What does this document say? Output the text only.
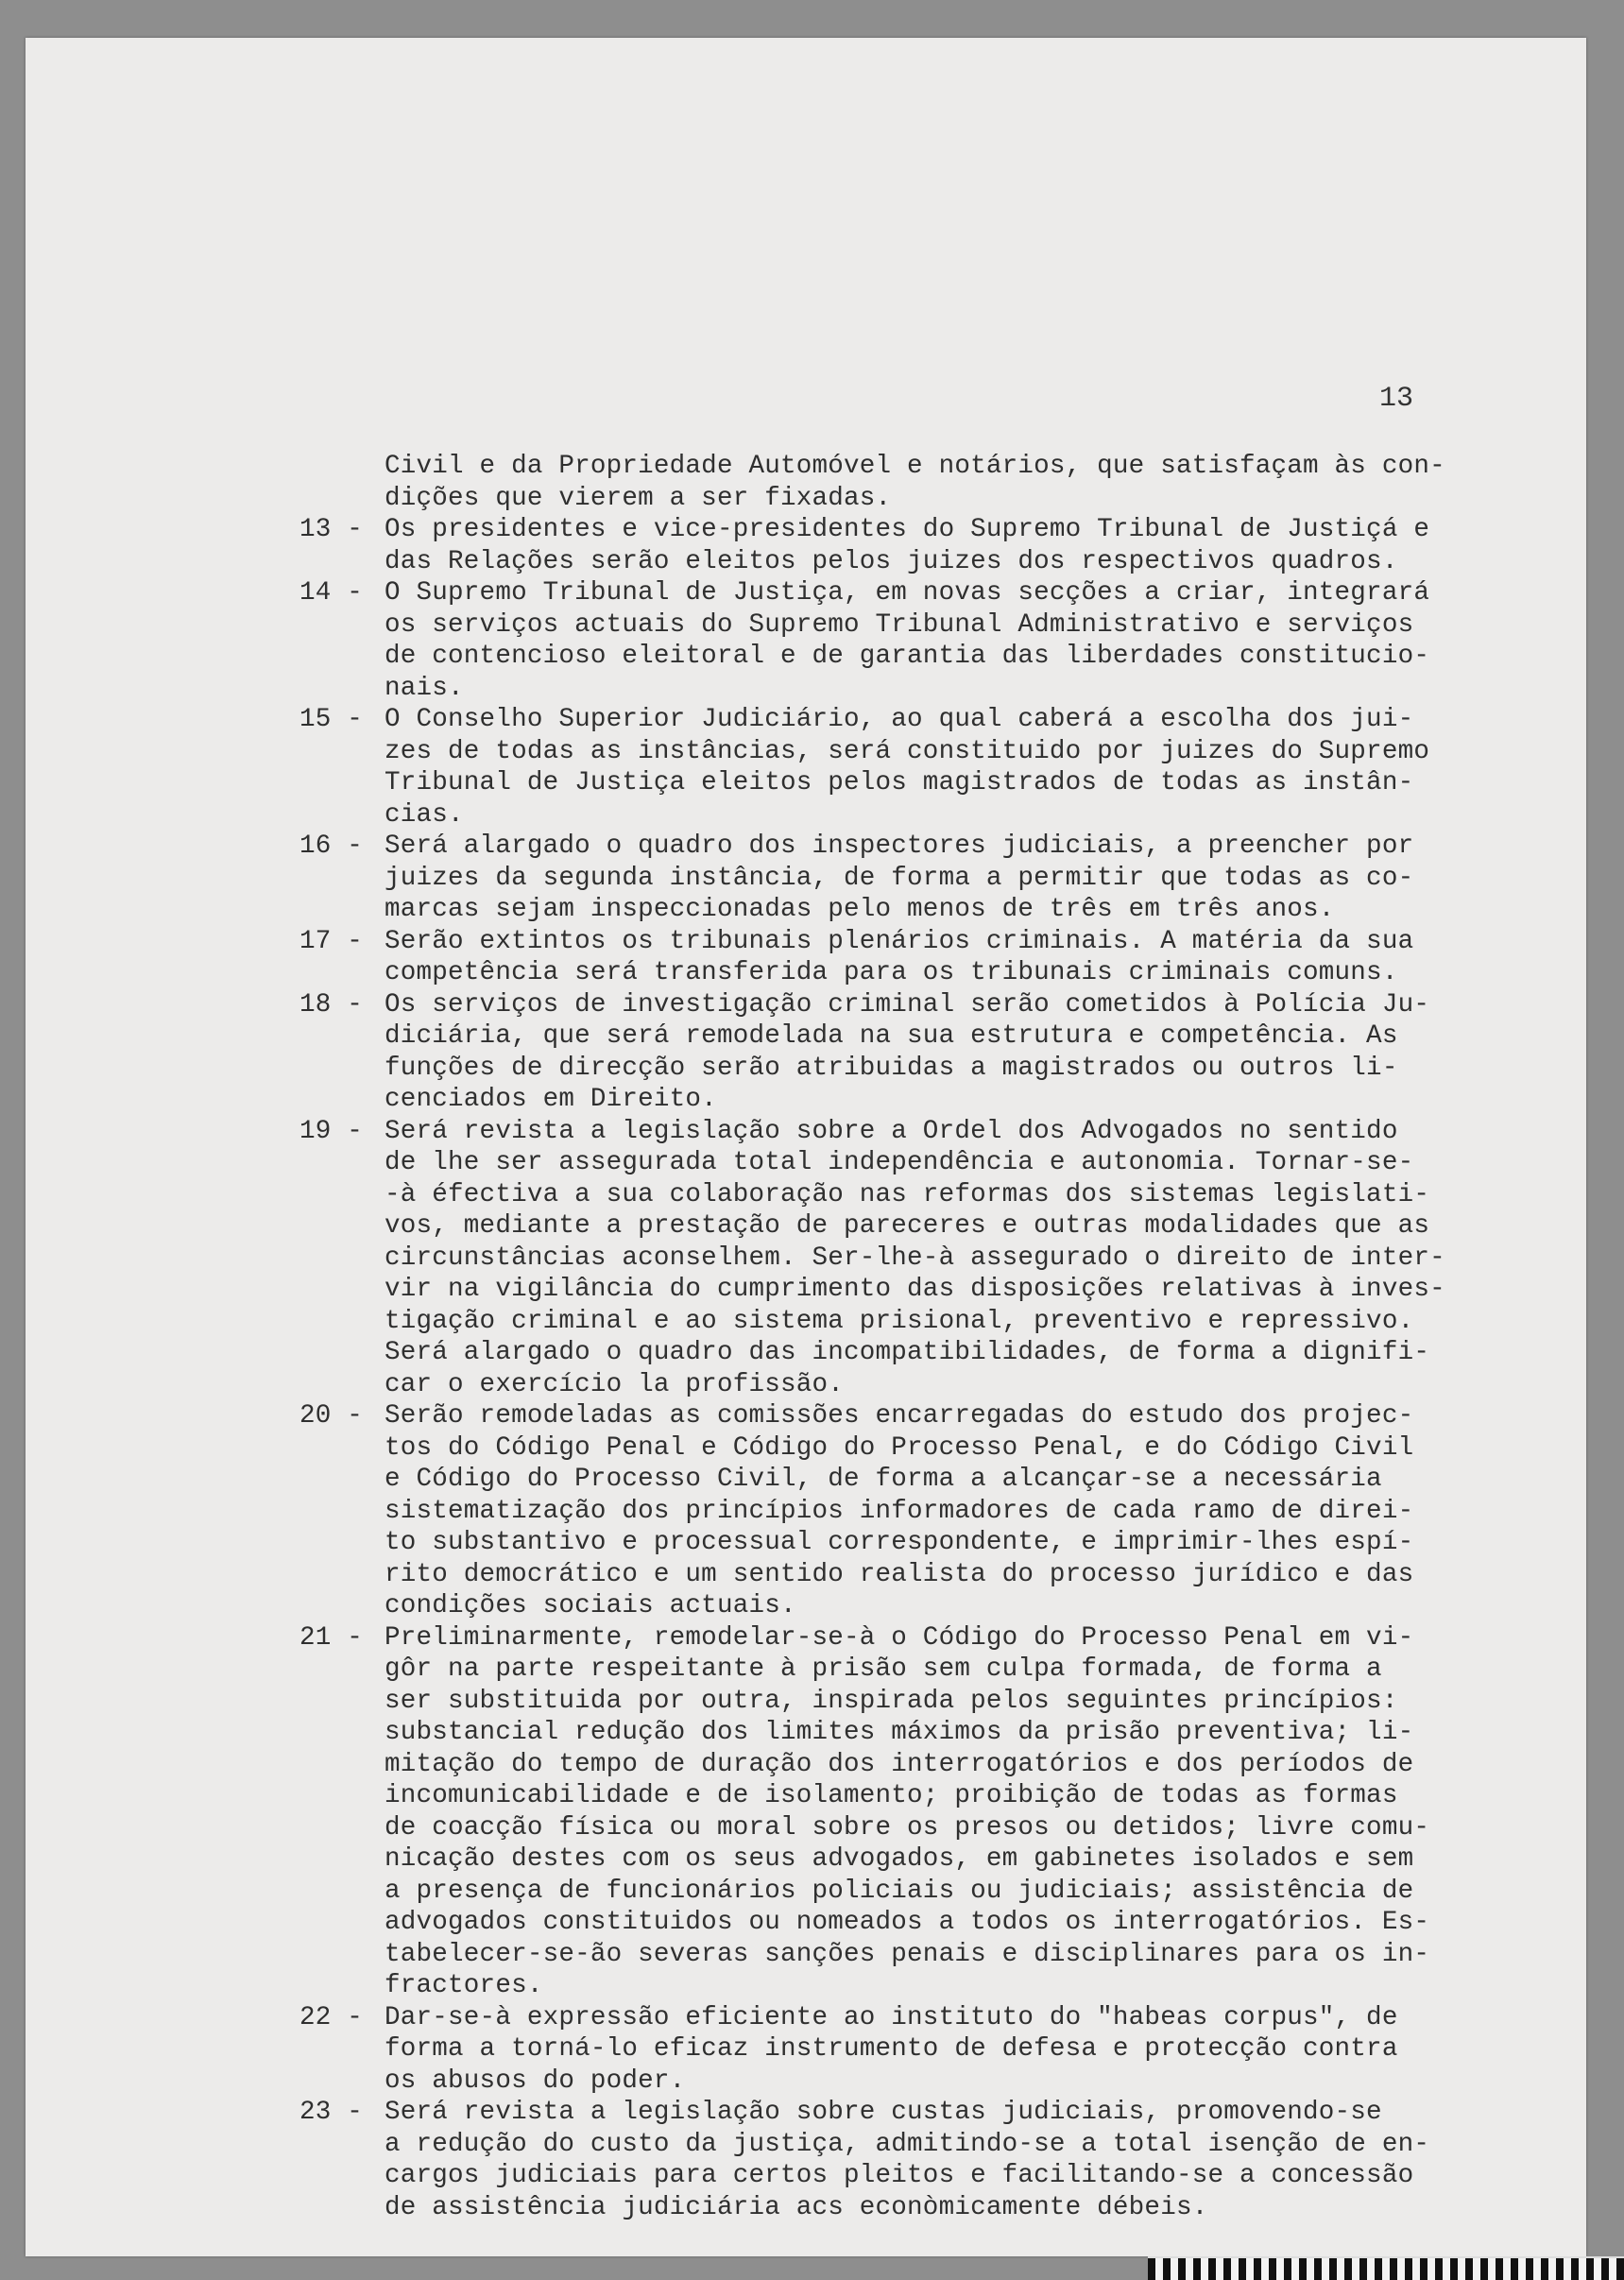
13
Civil e da Propriedade Automóvel e notários, que satisfaçam às con-
dições que vierem a ser fixadas.
13 - Os presidentes e vice-presidentes do Supremo Tribunal de Justiçá e
das Relações serão eleitos pelos juizes dos respectivos quadros.
14 - O Supremo Tribunal de Justiça, em novas secções a criar, integrará
os serviços actuais do Supremo Tribunal Administrativo e serviços
de contencioso eleitoral e de garantia das liberdades constitucio-
nais.
15 - O Conselho Superior Judiciário, ao qual caberá a escolha dos jui-
zes de todas as instâncias, será constituido por juizes do Supremo
Tribunal de Justiça eleitos pelos magistrados de todas as instân-
cias.
16 - Será alargado o quadro dos inspectores judiciais, a preencher por
juizes da segunda instância, de forma a permitir que todas as co-
marcas sejam inspeccionadas pelo menos de três em três anos.
17 - Serão extintos os tribunais plenários criminais. A matéria da sua
competência será transferida para os tribunais criminais comuns.
18 - Os serviços de investigação criminal serão cometidos à Polícia Ju-
diciária, que será remodelada na sua estrutura e competência. As
funções de direcção serão atribuidas a magistrados ou outros li-
cenciados em Direito.
19 - Será revista a legislação sobre a Ordel dos Advogados no sentido
de lhe ser assegurada total independência e autonomia. Tornar-se-
-à éfectiva a sua colaboração nas reformas dos sistemas legislati-
vos, mediante a prestação de pareceres e outras modalidades que as
circunstâncias aconselhem. Ser-lhe-à assegurado o direito de inter-
vir na vigilância do cumprimento das disposições relativas à inves-
tigação criminal e ao sistema prisional, preventivo e repressivo.
Será alargado o quadro das incompatibilidades, de forma a dignifi-
car o exercício la profissão.
20 - Serão remodeladas as comissões encarregadas do estudo dos projec-
tos do Código Penal e Código do Processo Penal, e do Código Civil
e Código do Processo Civil, de forma a alcançar-se a necessária
sistematização dos princípios informadores de cada ramo de direi-
to substantivo e processual correspondente, e imprimir-lhes espí-
rito democrático e um sentido realista do processo jurídico e das
condições sociais actuais.
21 - Preliminarmente, remodelar-se-à o Código do Processo Penal em vi-
gôr na parte respeitante à prisão sem culpa formada, de forma a
ser substituida por outra, inspirada pelos seguintes princípios:
substancial redução dos limites máximos da prisão preventiva; li-
mitação do tempo de duração dos interrogatórios e dos períodos de
incomunicabilidade e de isolamento; proibição de todas as formas
de coacção física ou moral sobre os presos ou detidos; livre comu-
nicação destes com os seus advogados, em gabinetes isolados e sem
a presença de funcionários policiais ou judiciais; assistência de
advogados constituidos ou nomeados a todos os interrogatórios. Es-
tabelecer-se-ão severas sanções penais e disciplinares para os in-
fractores.
22 - Dar-se-à expressão eficiente ao instituto do "habeas corpus", de
forma a torná-lo eficaz instrumento de defesa e protecção contra
os abusos do poder.
23 - Será revista a legislação sobre custas judiciais, promovendo-se
a redução do custo da justiça, admitindo-se a total isenção de en-
cargos judiciais para certos pleitos e facilitando-se a concessão
de assistência judiciária acs econòmicamente débeis.
